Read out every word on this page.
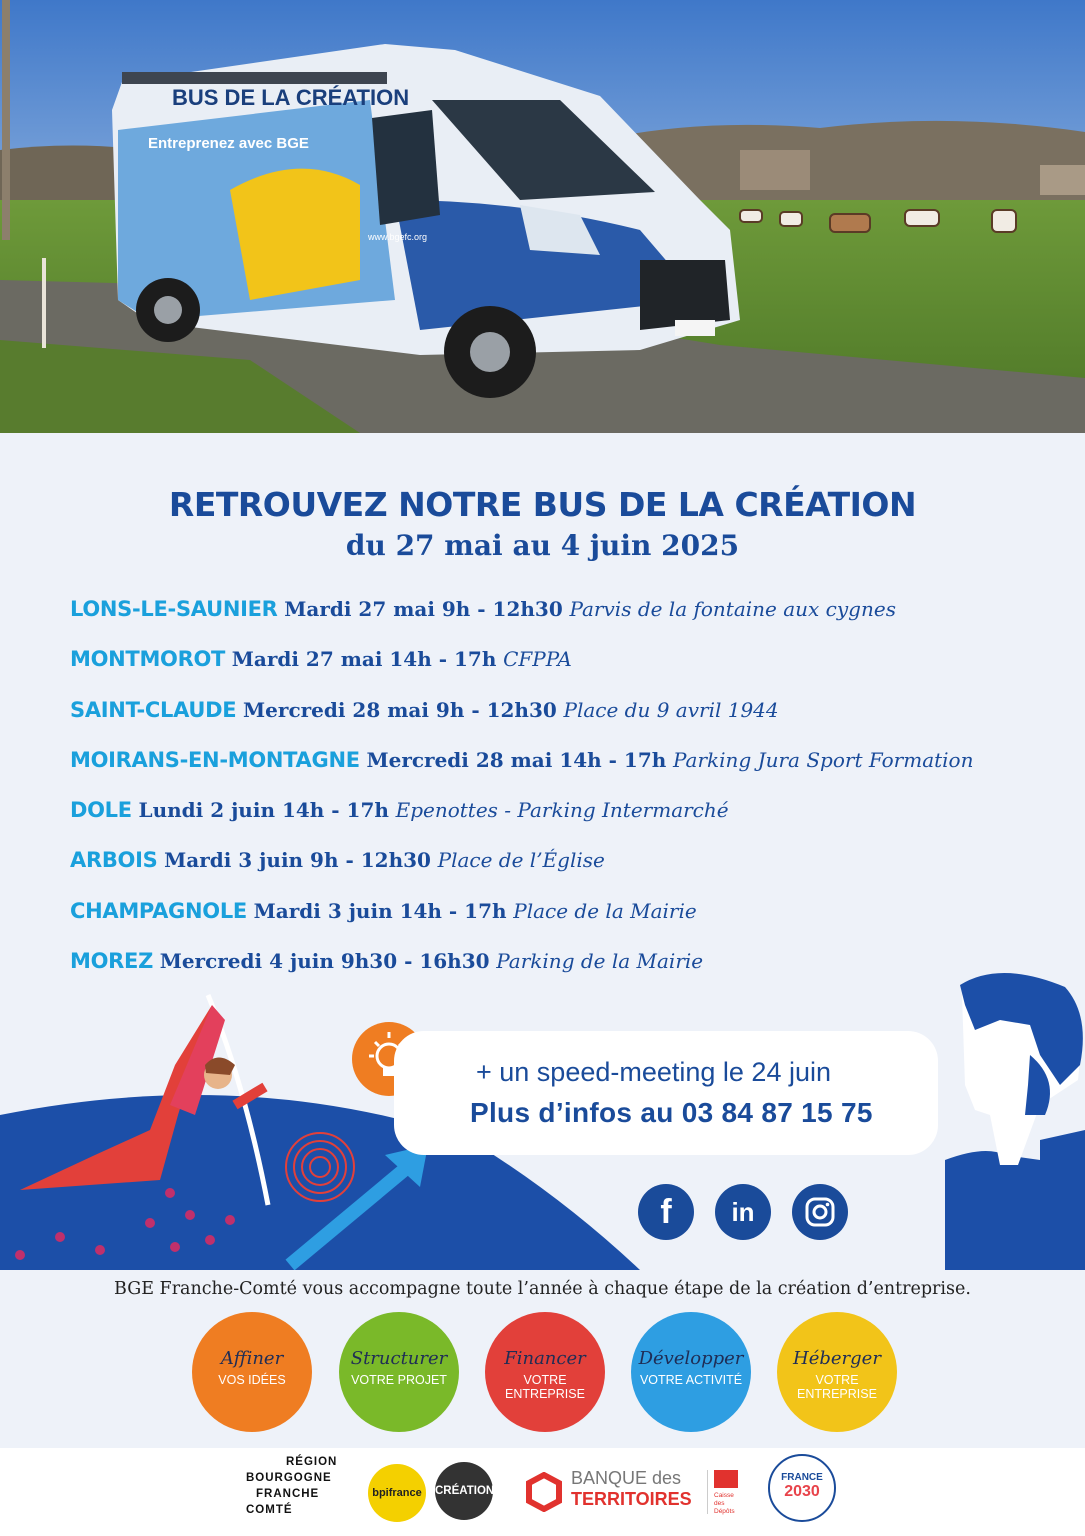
BUS DE LA CRÉATION
Entreprenez avec BGE
www.bgefc.org
RETROUVEZ NOTRE BUS DE LA CRÉATION
du 27 mai au 4 juin 2025
LONS-LE-SAUNIER Mardi 27 mai 9h - 12h30 Parvis de la fontaine aux cygnes
MONTMOROT Mardi 27 mai 14h - 17h CFPPA
SAINT-CLAUDE Mercredi 28 mai 9h - 12h30 Place du 9 avril 1944
MOIRANS-EN-MONTAGNE Mercredi 28 mai 14h - 17h Parking Jura Sport Formation
DOLE Lundi 2 juin 14h - 17h Epenottes - Parking Intermarché
ARBOIS Mardi 3 juin 9h - 12h30 Place de l’Église
CHAMPAGNOLE Mardi 3 juin 14h - 17h Place de la Mairie
MOREZ Mercredi 4 juin 9h30 - 16h30 Parking de la Mairie
+ un speed-meeting le 24 juin
Plus d’infos au 03 84 87 15 75
f	in
BGE Franche-Comté vous accompagne toute l’année à chaque étape de la création d’entreprise.
Affiner
VOS IDÉES
Structurer
VOTRE PROJET
Financer
VOTRE ENTREPRISE
Développer
VOTRE ACTIVITÉ
Héberger
VOTRE ENTREPRISE
RÉGION
BOURGOGNE
FRANCHE
COMTÉ
bpifrance	CRÉATION
BANQUE des
TERRITOIRES	Caisse
des Dépôts
FRANCE
2030
